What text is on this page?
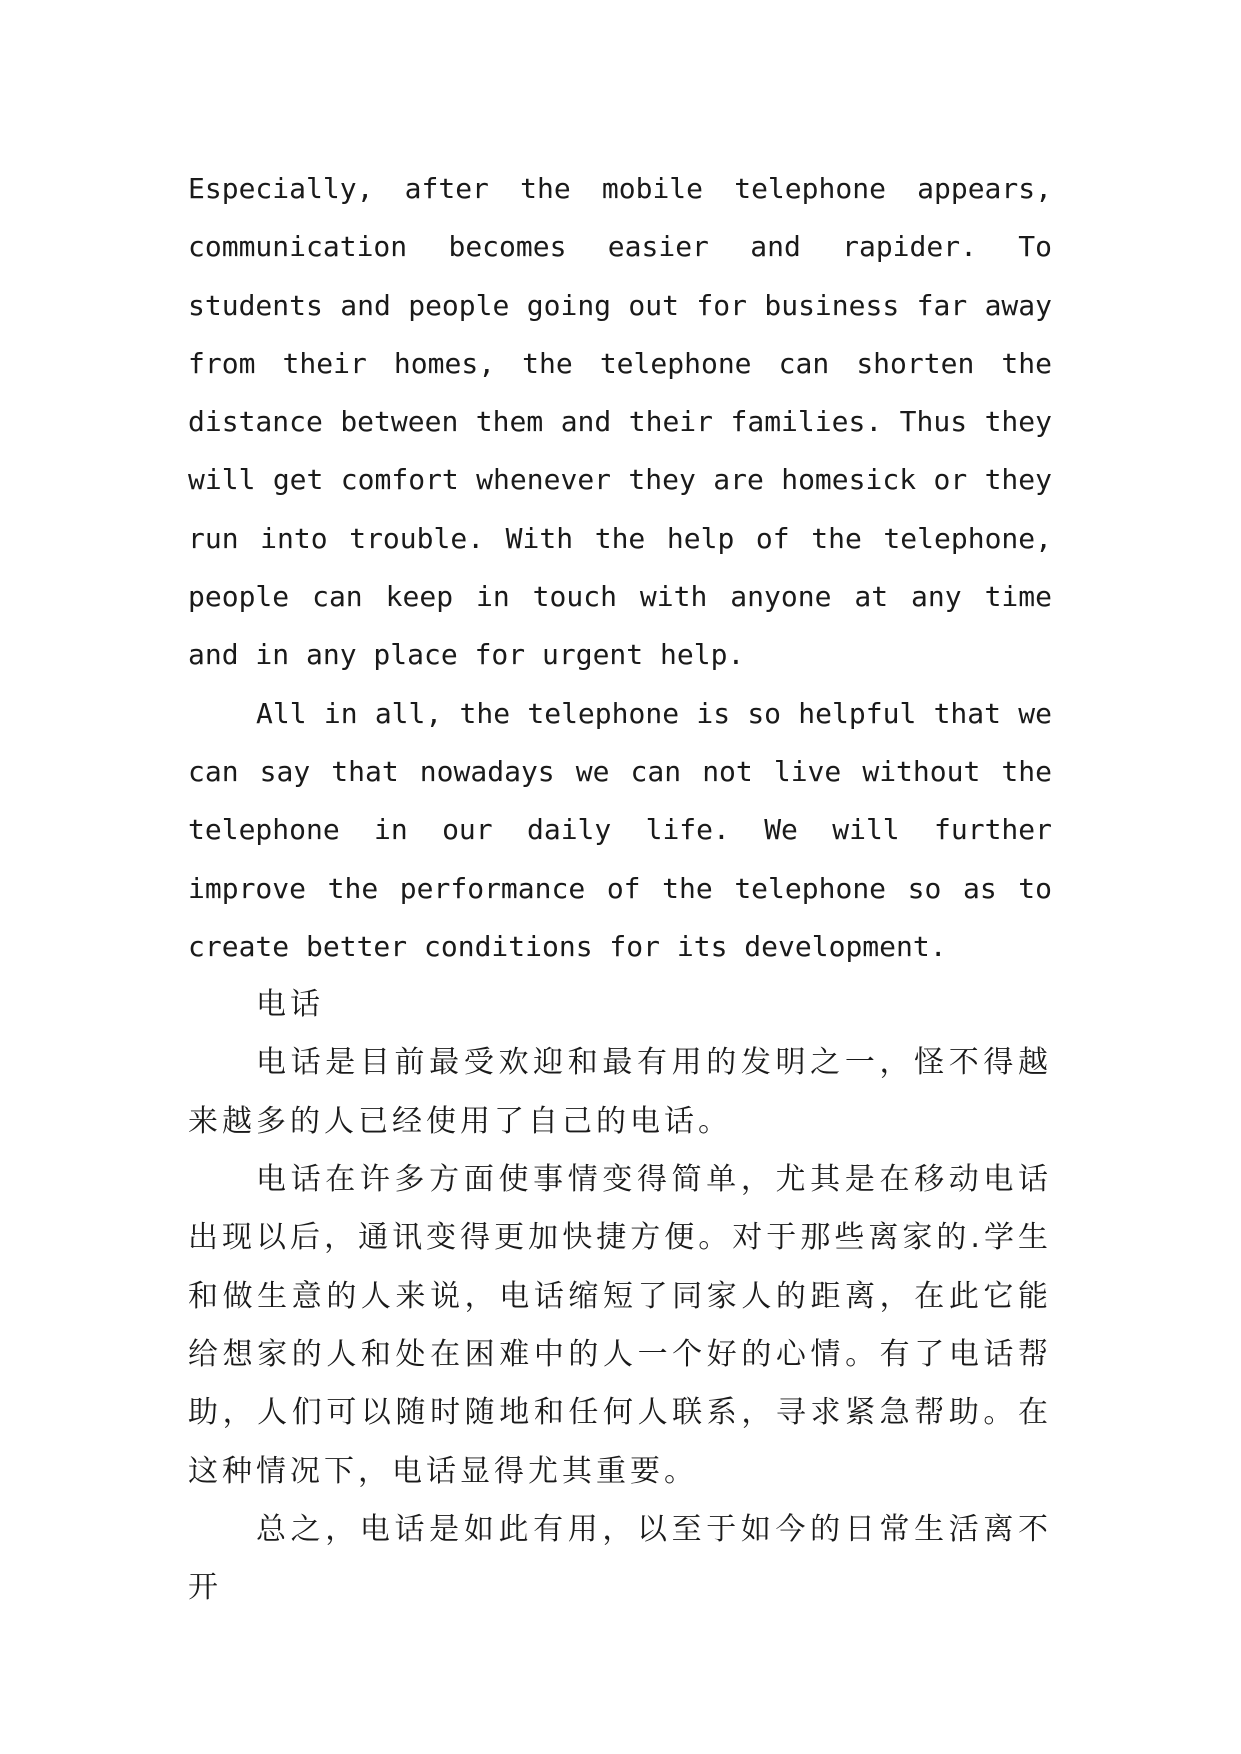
Especially, after the mobile telephone appears, communication becomes easier and rapider. To students and people going out for business far away from their homes, the telephone can shorten the distance between them and their families. Thus they will get comfort whenever they are homesick or they run into trouble. With the help of the telephone, people can keep in touch with anyone at any time and in any place for urgent help.

All in all, the telephone is so helpful that we can say that nowadays we can not live without the telephone in our daily life. We will further improve the performance of the telephone so as to create better conditions for its development.

电话

电话是目前最受欢迎和最有用的发明之一，怪不得越来越多的人已经使用了自己的电话。

电话在许多方面使事情变得简单，尤其是在移动电话出现以后，通讯变得更加快捷方便。对于那些离家的.学生和做生意的人来说，电话缩短了同家人的距离，在此它能给想家的人和处在困难中的人一个好的心情。有了电话帮助，人们可以随时随地和任何人联系，寻求紧急帮助。在这种情况下，电话显得尤其重要。

总之，电话是如此有用，以至于如今的日常生活离不开
